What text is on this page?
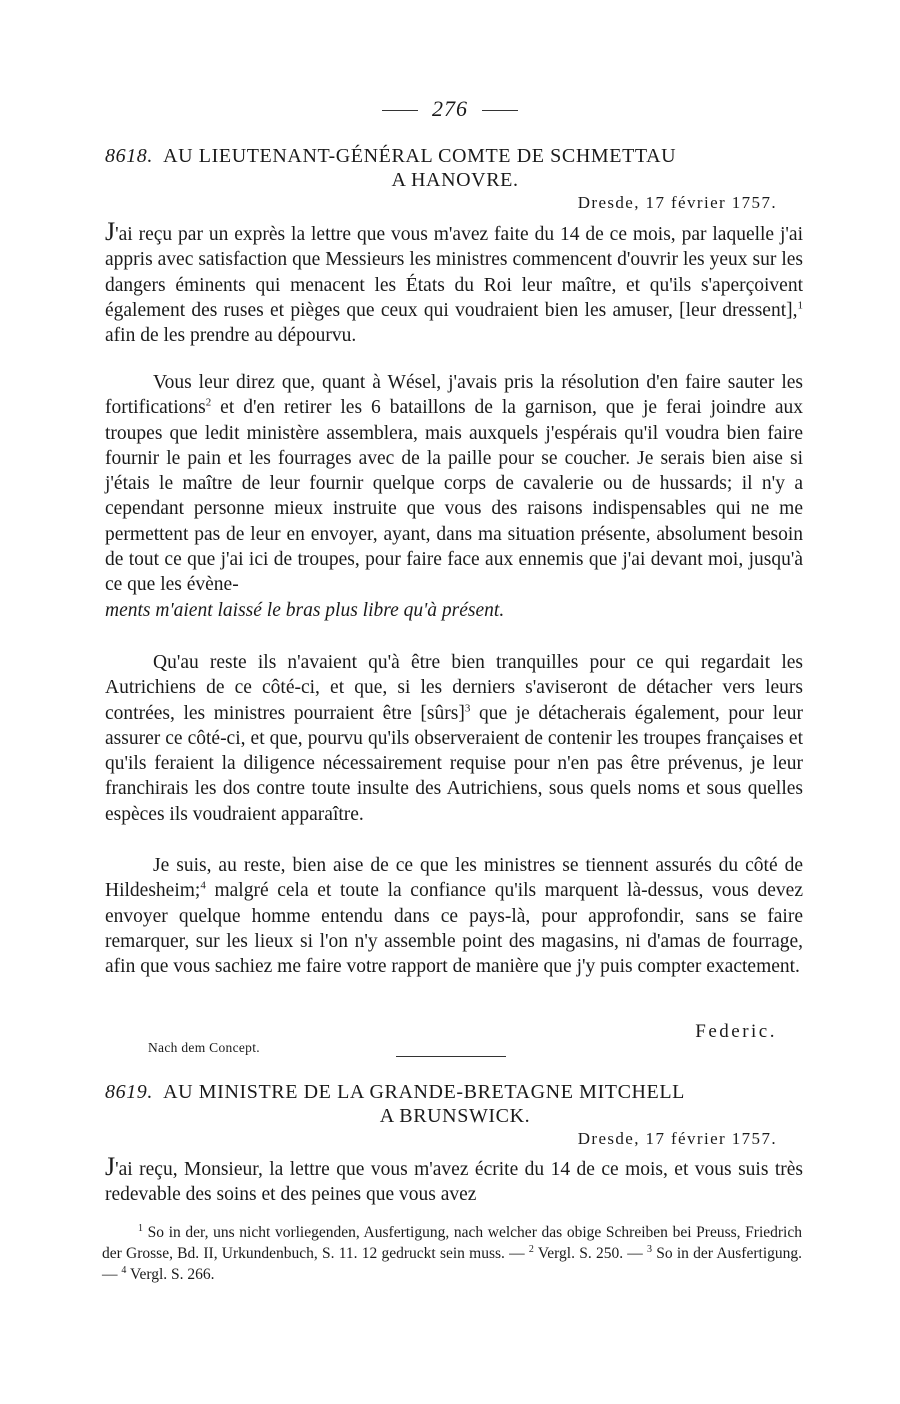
276
8618. AU LIEUTENANT-GÉNÉRAL COMTE DE SCHMETTAU
A HANOVRE.
Dresde, 17 février 1757.

J'ai reçu par un exprès la lettre que vous m'avez faite du 14 de ce mois, par laquelle j'ai appris avec satisfaction que Messieurs les ministres commencent d'ouvrir les yeux sur les dangers éminents qui menacent les États du Roi leur maître, et qu'ils s'aperçoivent également des ruses et pièges que ceux qui voudraient bien les amuser, [leur dressent],$^1$ afin de les prendre au dépourvu.

Vous leur direz que, quant à Wésel, j'avais pris la résolution d'en faire sauter les fortifications$^2$ et d'en retirer les 6 bataillons de la garnison, que je ferai joindre aux troupes que ledit ministère assemblera, mais auxquels j'espérais qu'il voudra bien faire fournir le pain et les fourrages avec de la paille pour se coucher. Je serais bien aise si j'étais le maître de leur fournir quelque corps de cavalerie ou de hussards; il n'y a cependant personne mieux instruite que vous des raisons indispensables qui ne me permettent pas de leur en envoyer, ayant, dans ma situation présente, absolument besoin de tout ce que j'ai ici de troupes, pour faire face aux ennemis que j'ai devant moi, jusqu'à ce que les évène-
ments m'aient laissé le bras plus libre qu'à présent.

Qu'au reste ils n'avaient qu'à être bien tranquilles pour ce qui regardait les Autrichiens de ce côté-ci, et que, si les derniers s'aviseront de détacher vers leurs contrées, les ministres pourraient être [sûrs]$^3$ que je détacherais également, pour leur assurer ce côté-ci, et que, pourvu qu'ils observeraient de contenir les troupes françaises et qu'ils feraient la diligence nécessairement requise pour n'en pas être prévenus, je leur franchirais les dos contre toute insulte des Autrichiens, sous quels noms et sous quelles espèces ils voudraient apparaître.

Je suis, au reste, bien aise de ce que les ministres se tiennent assurés du côté de Hildesheim;$^4$ malgré cela et toute la confiance qu'ils marquent là-dessus, vous devez envoyer quelque homme entendu dans ce pays-là, pour approfondir, sans se faire remarquer, sur les lieux si l'on n'y assemble point des magasins, ni d'amas de fourrage, afin que vous sachiez me faire votre rapport de manière que j'y puis compter exactement.

Federic.
Nach dem Concept.
8619. AU MINISTRE DE LA GRANDE-BRETAGNE MITCHELL
A BRUNSWICK.
Dresde, 17 février 1757.

J'ai reçu, Monsieur, la lettre que vous m'avez écrite du 14 de ce mois, et vous suis très redevable des soins et des peines que vous avez

$^1$ So in der, uns nicht vorliegenden, Ausfertigung, nach welcher das obige Schreiben bei Preuss, Friedrich der Grosse, Bd. II, Urkundenbuch, S. 11. 12 gedruckt sein muss. — $^2$ Vergl. S. 250. — $^3$ So in der Ausfertigung. — $^4$ Vergl. S. 266.
